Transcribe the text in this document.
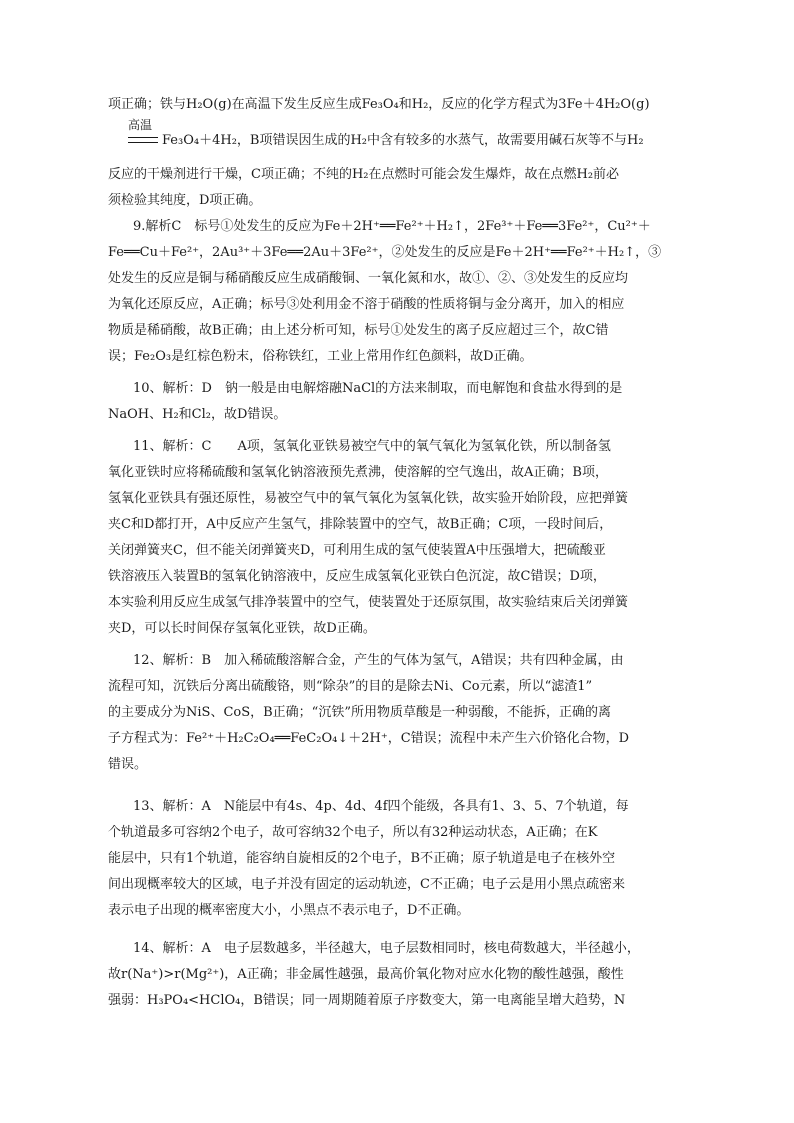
项正确；铁与H₂O(g)在高温下发生反应生成Fe₃O₄和H₂，反应的化学方程式为3Fe＋4H₂O(g)
高温
Fe₃O₄＋4H₂，B项错误因生成的H₂中含有较多的水蒸气，故需要用碱石灰等不与H₂
反应的干燥剂进行干燥，C项正确；不纯的H₂在点燃时可能会发生爆炸，故在点燃H₂前必
须检验其纯度，D项正确。
9.解析C　标号①处发生的反应为Fe＋2H⁺══Fe²⁺＋H₂↑，2Fe³⁺＋Fe══3Fe²⁺，Cu²⁺＋
Fe══Cu＋Fe²⁺，2Au³⁺＋3Fe══2Au＋3Fe²⁺，②处发生的反应是Fe＋2H⁺══Fe²⁺＋H₂↑，③
处发生的反应是铜与稀硝酸反应生成硝酸铜、一氧化氮和水，故①、②、③处发生的反应均
为氧化还原反应，A正确；标号③处利用金不溶于硝酸的性质将铜与金分离开，加入的相应
物质是稀硝酸，故B正确；由上述分析可知，标号①处发生的离子反应超过三个，故C错
误；Fe₂O₃是红棕色粉末，俗称铁红，工业上常用作红色颜料，故D正确。
10、解析：D　钠一般是由电解熔融NaCl的方法来制取，而电解饱和食盐水得到的是
NaOH、H₂和Cl₂，故D错误。
11、解析：C　　A项，氢氧化亚铁易被空气中的氧气氧化为氢氧化铁，所以制备氢
氧化亚铁时应将稀硫酸和氢氧化钠溶液预先煮沸，使溶解的空气逸出，故A正确；B项，
氢氧化亚铁具有强还原性，易被空气中的氧气氧化为氢氧化铁，故实验开始阶段，应把弹簧
夹C和D都打开，A中反应产生氢气，排除装置中的空气，故B正确；C项，一段时间后，
关闭弹簧夹C，但不能关闭弹簧夹D，可利用生成的氢气使装置A中压强增大，把硫酸亚
铁溶液压入装置B的氢氧化钠溶液中，反应生成氢氧化亚铁白色沉淀，故C错误；D项，
本实验利用反应生成氢气排净装置中的空气，使装置处于还原氛围，故实验结束后关闭弹簧
夹D，可以长时间保存氢氧化亚铁，故D正确。
12、解析：B　加入稀硫酸溶解合金，产生的气体为氢气，A错误；共有四种金属，由
流程可知，沉铁后分离出硫酸铬，则“除杂”的目的是除去Ni、Co元素，所以“滤渣1”
的主要成分为NiS、CoS，B正确；“沉铁”所用物质草酸是一种弱酸，不能拆，正确的离
子方程式为：Fe²⁺＋H₂C₂O₄══FeC₂O₄↓＋2H⁺，C错误；流程中未产生六价铬化合物，D
错误。
13、解析：A　N能层中有4s、4p、4d、4f四个能级，各具有1、3、5、7个轨道，每
个轨道最多可容纳2个电子，故可容纳32个电子，所以有32种运动状态，A正确；在K
能层中，只有1个轨道，能容纳自旋相反的2个电子，B不正确；原子轨道是电子在核外空
间出现概率较大的区域，电子并没有固定的运动轨迹，C不正确；电子云是用小黑点疏密来
表示电子出现的概率密度大小，小黑点不表示电子，D不正确。
14、解析：A　电子层数越多，半径越大，电子层数相同时，核电荷数越大，半径越小，
故r(Na⁺)>r(Mg²⁺)，A正确；非金属性越强，最高价氧化物对应水化物的酸性越强，酸性
强弱：H₃PO₄<HClO₄，B错误；同一周期随着原子序数变大，第一电离能呈增大趋势，N
